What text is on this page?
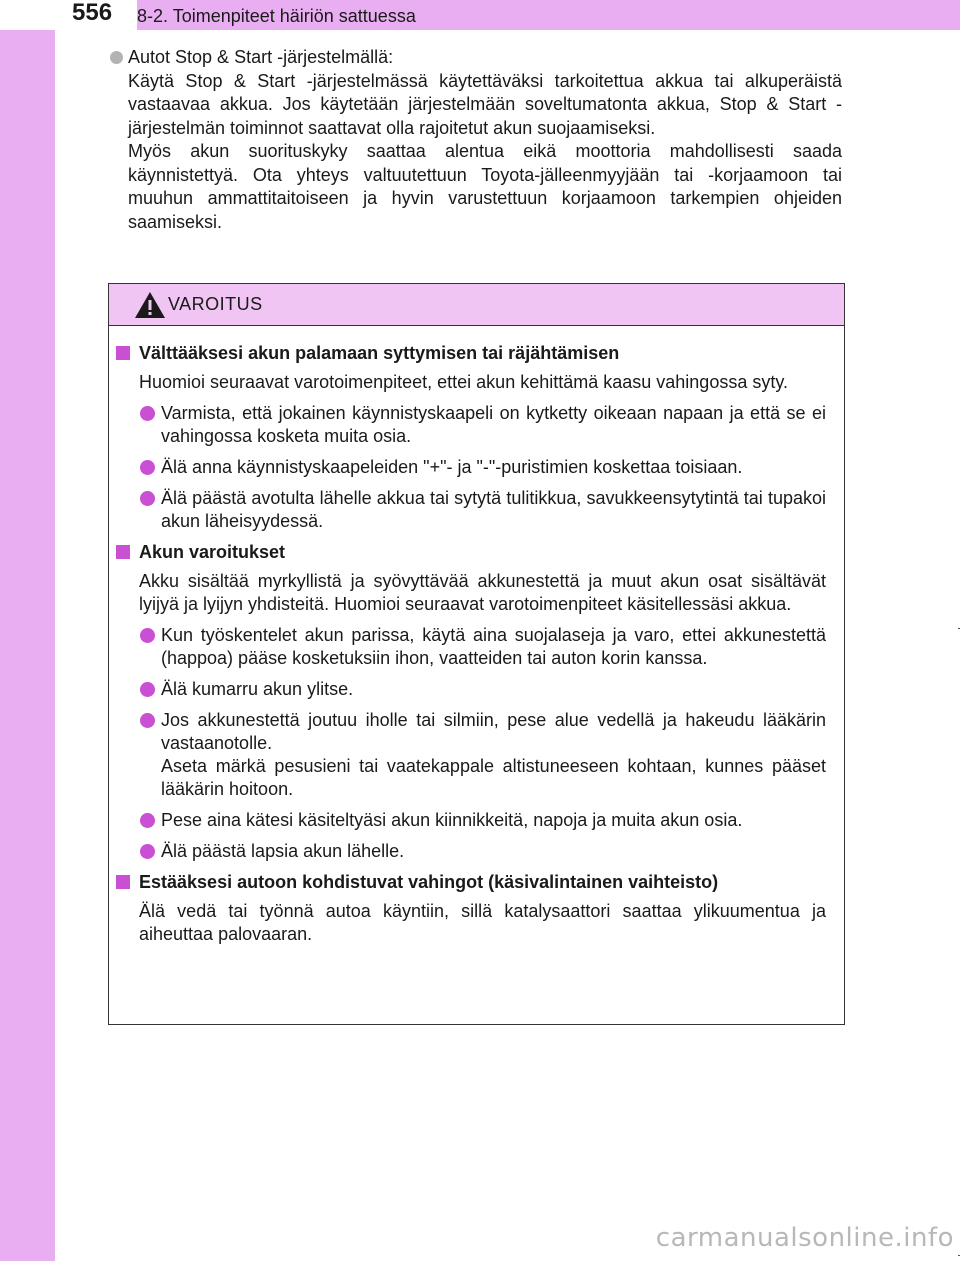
556	8-2. Toimenpiteet häiriön sattuessa
Autot Stop & Start -järjestelmällä:

Käytä Stop & Start -järjestelmässä käytettäväksi tarkoitettua akkua tai alkuperäistä vastaavaa akkua. Jos käytetään järjestelmään soveltumatonta akkua, Stop & Start -järjestelmän toiminnot saattavat olla rajoitetut akun suojaamiseksi.

Myös akun suorituskyky saattaa alentua eikä moottoria mahdollisesti saada käynnistettyä. Ota yhteys valtuutettuun Toyota-jälleenmyyjään tai -korjaamoon tai muuhun ammattitaitoiseen ja hyvin varustettuun korjaamoon tarkempien ohjeiden saamiseksi.

VAROITUS
Välttääksesi akun palamaan syttymisen tai räjähtämisen

Huomioi seuraavat varotoimenpiteet, ettei akun kehittämä kaasu vahingossa syty.

Varmista, että jokainen käynnistyskaapeli on kytketty oikeaan napaan ja että se ei vahingossa kosketa muita osia.

Älä anna käynnistyskaapeleiden "+"- ja "-"-puristimien koskettaa toisiaan.

Älä päästä avotulta lähelle akkua tai sytytä tulitikkua, savukkeensytytintä tai tupakoi akun läheisyydessä.

Akun varoitukset

Akku sisältää myrkyllistä ja syövyttävää akkunestettä ja muut akun osat sisältävät lyijyä ja lyijyn yhdisteitä. Huomioi seuraavat varotoimenpiteet käsitellessäsi akkua.

Kun työskentelet akun parissa, käytä aina suojalaseja ja varo, ettei akkunestettä (happoa) pääse kosketuksiin ihon, vaatteiden tai auton korin kanssa.

Älä kumarru akun ylitse.

Jos akkunestettä joutuu iholle tai silmiin, pese alue vedellä ja hakeudu lääkärin vastaanotolle.

Aseta märkä pesusieni tai vaatekappale altistuneeseen kohtaan, kunnes pääset lääkärin hoitoon.

Pese aina kätesi käsiteltyäsi akun kiinnikkeitä, napoja ja muita akun osia.

Älä päästä lapsia akun lähelle.

Estääksesi autoon kohdistuvat vahingot (käsivalintainen vaihteisto)

Älä vedä tai työnnä autoa käyntiin, sillä katalysaattori saattaa ylikuumentua ja aiheuttaa palovaaran.

carmanualsonline.info
